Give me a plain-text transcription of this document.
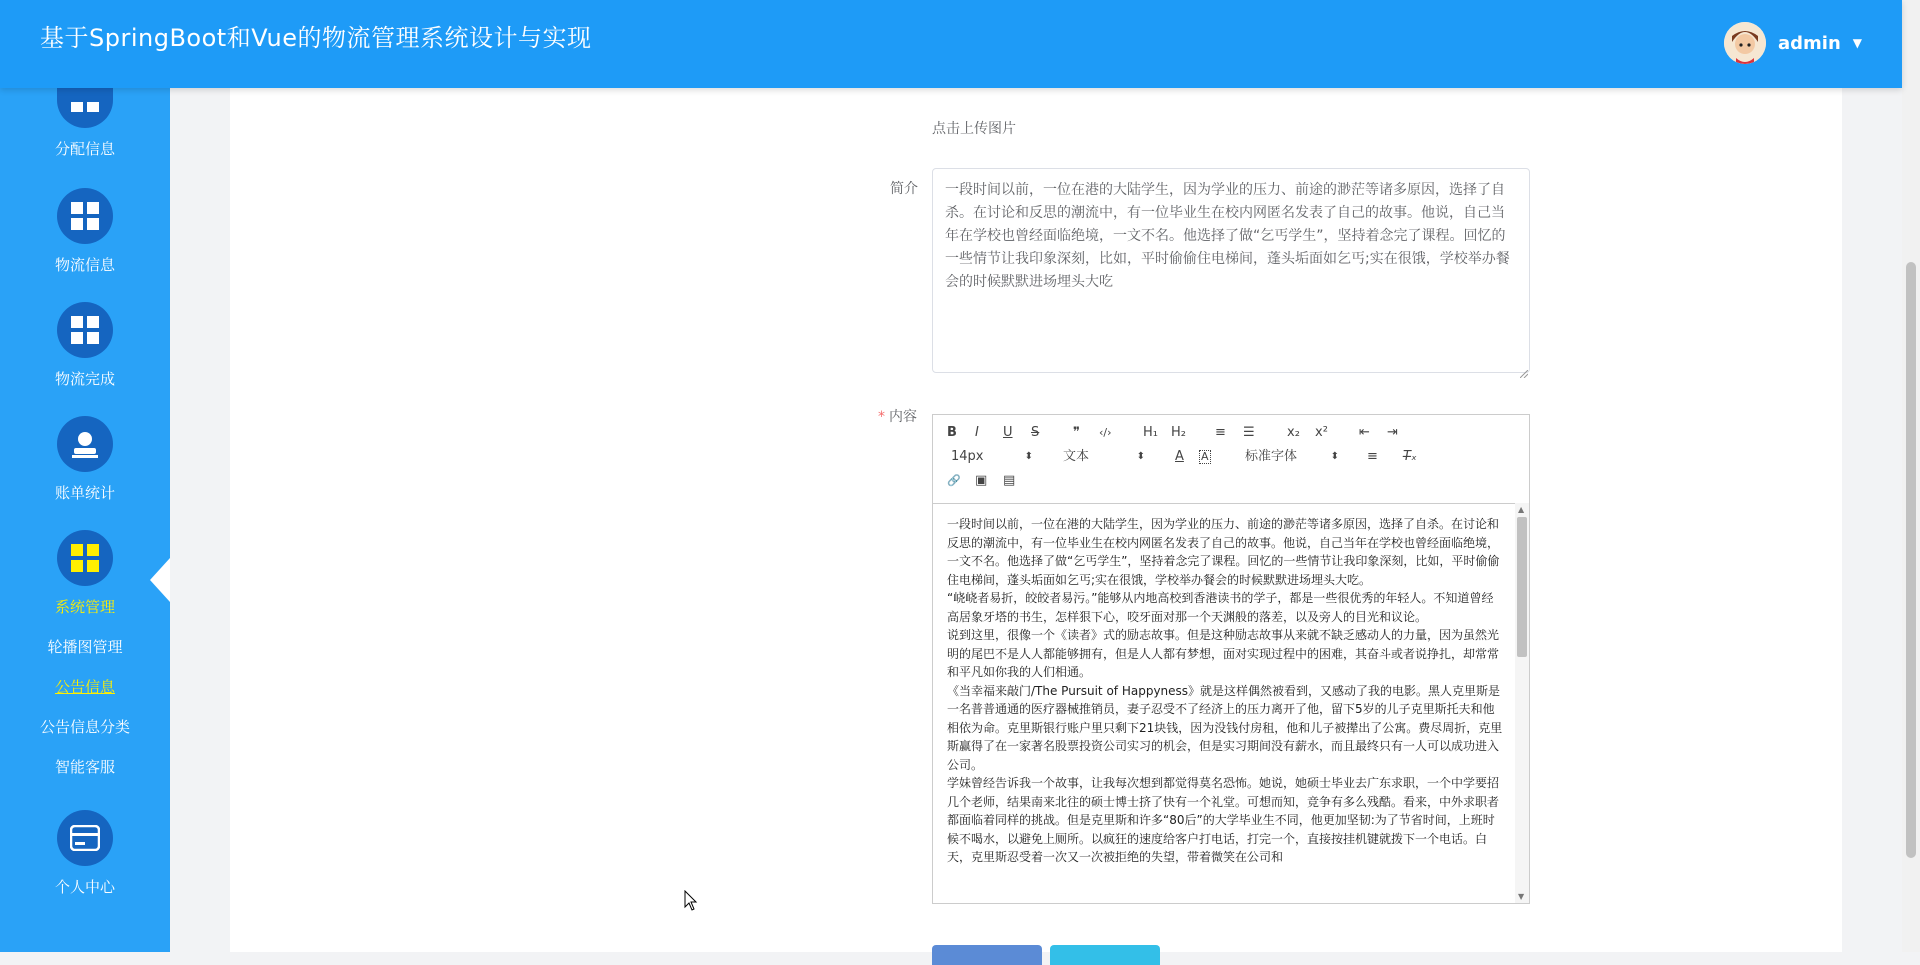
基于SpringBoot和Vue的物流管理系统设计与实现	admin ▼
分配信息
物流信息
物流完成
账单统计
系统管理
轮播图管理
公告信息
公告信息分类
智能客服
个人中心
点击上传图片
简介	一段时间以前，一位在港的大陆学生，因为学业的压力、前途的渺茫等诸多原因，选择了自杀。在讨论和反思的潮流中，有一位毕业生在校内网匿名发表了自己的故事。他说，自己当年在学校也曾经面临绝境，一文不名。他选择了做“乞丐学生”，坚持着念完了课程。回忆的一些情节让我印象深刻，比如，平时偷偷住电梯间，蓬头垢面如乞丐;实在很饿，学校举办餐会的时候默默进场埋头大吃
* 内容
B I U S	❞ ‹/› H₁ H₂ ≡ ☰ x₂ x² ⇤ ⇥
14px	⬍ 文本	⬍ A A	标准字体	⬍ ≡ T̶ₓ
🔗 ▣ ▤

一段时间以前，一位在港的大陆学生，因为学业的压力、前途的渺茫等诸多原因，选择了自杀。在讨论和反思的潮流中，有一位毕业生在校内网匿名发表了自己的故事。他说，自己当年在学校也曾经面临绝境，一文不名。他选择了做“乞丐学生”，坚持着念完了课程。回忆的一些情节让我印象深刻，比如，平时偷偷住电梯间，蓬头垢面如乞丐;实在很饿，学校举办餐会的时候默默进场埋头大吃。

“峣峣者易折，皎皎者易污。”能够从内地高校到香港读书的学子，都是一些很优秀的年轻人。不知道曾经高居象牙塔的书生，怎样狠下心，咬牙面对那一个天渊般的落差，以及旁人的目光和议论。

说到这里，很像一个《读者》式的励志故事。但是这种励志故事从来就不缺乏感动人的力量，因为虽然光明的尾巴不是人人都能够拥有，但是人人都有梦想，面对实现过程中的困难，其奋斗或者说挣扎，却常常和平凡如你我的人们相通。

《当幸福来敲门/The Pursuit of Happyness》就是这样偶然被看到，又感动了我的电影。黑人克里斯是一名普普通通的医疗器械推销员，妻子忍受不了经济上的压力离开了他，留下5岁的儿子克里斯托夫和他相依为命。克里斯银行账户里只剩下21块钱，因为没钱付房租，他和儿子被撵出了公寓。费尽周折，克里斯赢得了在一家著名股票投资公司实习的机会，但是实习期间没有薪水，而且最终只有一人可以成功进入公司。

学妹曾经告诉我一个故事，让我每次想到都觉得莫名恐怖。她说，她硕士毕业去广东求职，一个中学要招几个老师，结果南来北往的硕士博士挤了快有一个礼堂。可想而知，竞争有多么残酷。看来，中外求职者都面临着同样的挑战。但是克里斯和许多“80后”的大学毕业生不同，他更加坚韧:为了节省时间，上班时候不喝水，以避免上厕所。以疯狂的速度给客户打电话，打完一个，直接按挂机键就拨下一个电话。白天，克里斯忍受着一次又一次被拒绝的失望，带着微笑在公司和

▲
▼
